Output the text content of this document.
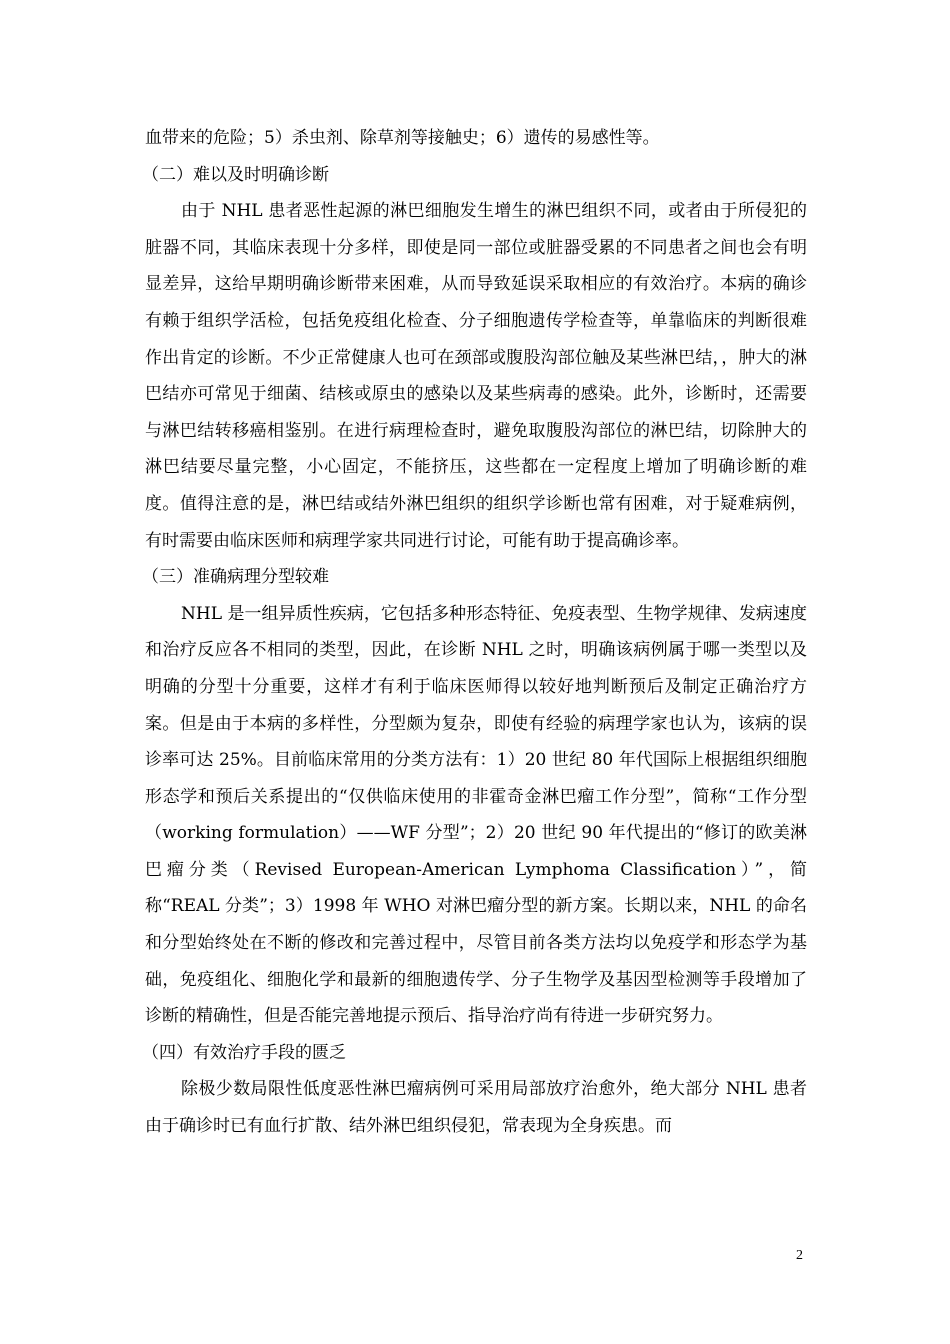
血带来的危险；5）杀虫剂、除草剂等接触史；6）遗传的易感性等。

（二）难以及时明确诊断

由于 NHL 患者恶性起源的淋巴细胞发生增生的淋巴组织不同，或者由于所侵犯的脏器不同，其临床表现十分多样，即使是同一部位或脏器受累的不同患者之间也会有明显差异，这给早期明确诊断带来困难，从而导致延误采取相应的有效治疗。本病的确诊有赖于组织学活检，包括免疫组化检查、分子细胞遗传学检查等，单靠临床的判断很难作出肯定的诊断。不少正常健康人也可在颈部或腹股沟部位触及某些淋巴结，，肿大的淋巴结亦可常见于细菌、结核或原虫的感染以及某些病毒的感染。此外，诊断时，还需要与淋巴结转移癌相鉴别。在进行病理检查时，避免取腹股沟部位的淋巴结，切除肿大的淋巴结要尽量完整，小心固定，不能挤压，这些都在一定程度上增加了明确诊断的难度。值得注意的是，淋巴结或结外淋巴组织的组织学诊断也常有困难，对于疑难病例，有时需要由临床医师和病理学家共同进行讨论，可能有助于提高确诊率。

（三）准确病理分型较难

NHL 是一组异质性疾病，它包括多种形态特征、免疫表型、生物学规律、发病速度和治疗反应各不相同的类型，因此，在诊断 NHL 之时，明确该病例属于哪一类型以及明确的分型十分重要，这样才有利于临床医师得以较好地判断预后及制定正确治疗方案。但是由于本病的多样性，分型颇为复杂，即使有经验的病理学家也认为，该病的误诊率可达 25%。目前临床常用的分类方法有：1）20 世纪 80 年代国际上根据组织细胞形态学和预后关系提出的“仅供临床使用的非霍奇金淋巴瘤工作分型”，简称“工作分型（working formulation）——WF 分型”；2）20 世纪 90 年代提出的“修订的欧美淋巴瘤分类（Revised European-American Lymphoma Classification）”，简称“REAL 分类”；3）1998 年 WHO 对淋巴瘤分型的新方案。长期以来，NHL 的命名和分型始终处在不断的修改和完善过程中，尽管目前各类方法均以免疫学和形态学为基础，免疫组化、细胞化学和最新的细胞遗传学、分子生物学及基因型检测等手段增加了诊断的精确性，但是否能完善地提示预后、指导治疗尚有待进一步研究努力。

（四）有效治疗手段的匮乏

除极少数局限性低度恶性淋巴瘤病例可采用局部放疗治愈外，绝大部分 NHL 患者由于确诊时已有血行扩散、结外淋巴组织侵犯，常表现为全身疾患。而

2
